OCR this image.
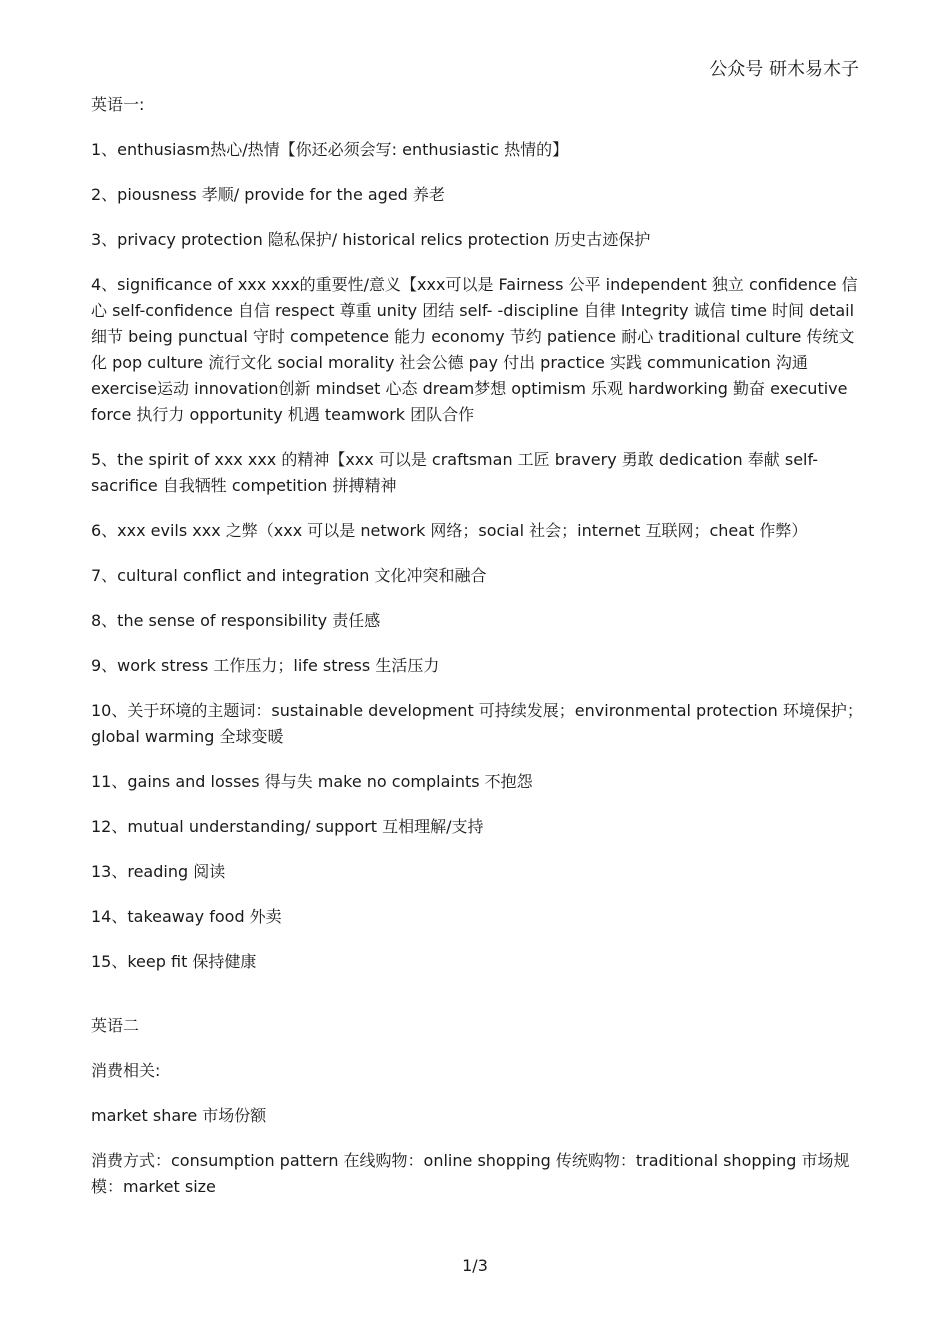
公众号 研木易木子

英语一:

1、enthusiasm热心/热情【你还必须会写: enthusiastic 热情的】

2、piousness 孝顺/ provide for the aged 养老

3、privacy protection 隐私保护/ historical relics protection 历史古迹保护

4、significance of xxx xxx的重要性/意义【xxx可以是 Fairness 公平 independent 独立 confidence 信心 self-confidence 自信 respect 尊重 unity 团结 self- -discipline 自律 Integrity 诚信 time 时间 detail 细节 being punctual 守时 competence 能力 economy 节约 patience 耐心 traditional culture 传统文化 pop culture 流行文化 social morality 社会公德 pay 付出 practice 实践 communication 沟通 exercise运动 innovation创新 mindset 心态 dream梦想 optimism 乐观 hardworking 勤奋 executive force 执行力 opportunity 机遇 teamwork 团队合作

5、the spirit of xxx xxx 的精神【xxx 可以是 craftsman 工匠 bravery 勇敢 dedication 奉献 self-sacrifice 自我牺牲 competition 拼搏精神

6、xxx evils xxx 之弊（xxx 可以是 network 网络；social 社会；internet 互联网；cheat 作弊）

7、cultural conflict and integration 文化冲突和融合

8、the sense of responsibility 责任感

9、work stress 工作压力；life stress 生活压力

10、关于环境的主题词：sustainable development 可持续发展；environmental protection 环境保护；global warming 全球变暖

11、gains and losses 得与失 make no complaints 不抱怨

12、mutual understanding/ support 互相理解/支持

13、reading 阅读

14、takeaway food 外卖

15、keep fit 保持健康

英语二

消费相关:

market share 市场份额

消费方式：consumption pattern 在线购物：online shopping 传统购物：traditional shopping 市场规模：market size

1/3
